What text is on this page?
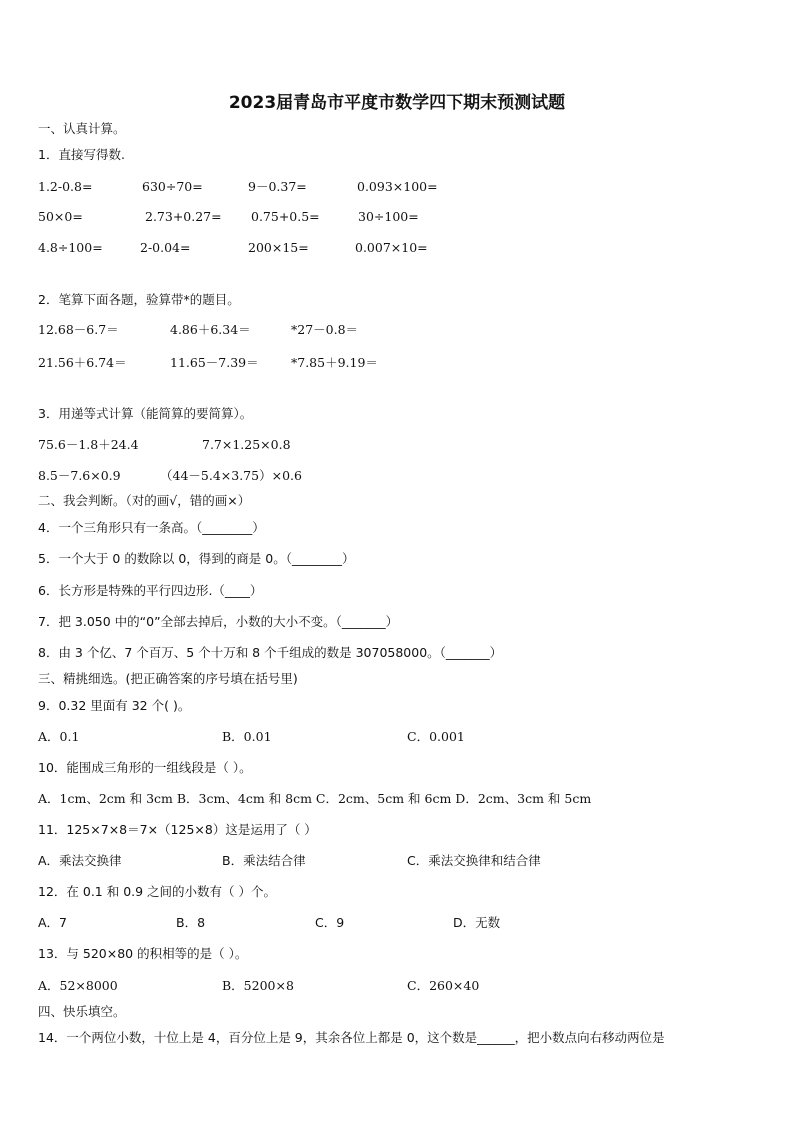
2023届青岛市平度市数学四下期末预测试题
一、认真计算。
1．直接写得数.
1.2-0.8=	630÷70=	9－0.37=	0.093×100=
50×0=	2.73+0.27= 0.75+0.5=	30÷100=
4.8÷100=	2-0.04=	200×15=	0.007×10=
2．笔算下面各题，验算带*的题目。
12.68－6.7＝	4.86＋6.34＝	*27－0.8＝
21.56＋6.74＝	11.65－7.39＝	*7.85＋9.19＝
3．用递等式计算（能简算的要简算）。
75.6－1.8＋24.4	7.7×1.25×0.8
8.5－7.6×0.9	（44－5.4×3.75）×0.6
二、我会判断。（对的画√，错的画×）
4．一个三角形只有一条高。（________）
5．一个大于 0 的数除以 0，得到的商是 0。（________）
6．长方形是特殊的平行四边形.（____）
7．把 3.050 中的“0”全部去掉后，小数的大小不变。（_______）
8．由 3 个亿、7 个百万、5 个十万和 8 个千组成的数是 307058000。（_______）
三、精挑细选。(把正确答案的序号填在括号里)
9．0.32 里面有 32 个( )。
A．0.1	B．0.01	C．0.001
10．能围成三角形的一组线段是（ ）。
A．1cm、2cm 和 3cm B．3cm、4cm 和 8cm C．2cm、5cm 和 6cm D．2cm、3cm 和 5cm
11．125×7×8＝7×（125×8）这是运用了（ ）
A．乘法交换律	B．乘法结合律	C．乘法交换律和结合律
12．在 0.1 和 0.9 之间的小数有（ ）个。
A．7	B．8	C．9	D．无数
13．与 520×80 的积相等的是（ ）。
A．52×8000	B．5200×8	C．260×40
四、快乐填空。
14．一个两位小数，十位上是 4，百分位上是 9，其余各位上都是 0，这个数是______，把小数点向右移动两位是
